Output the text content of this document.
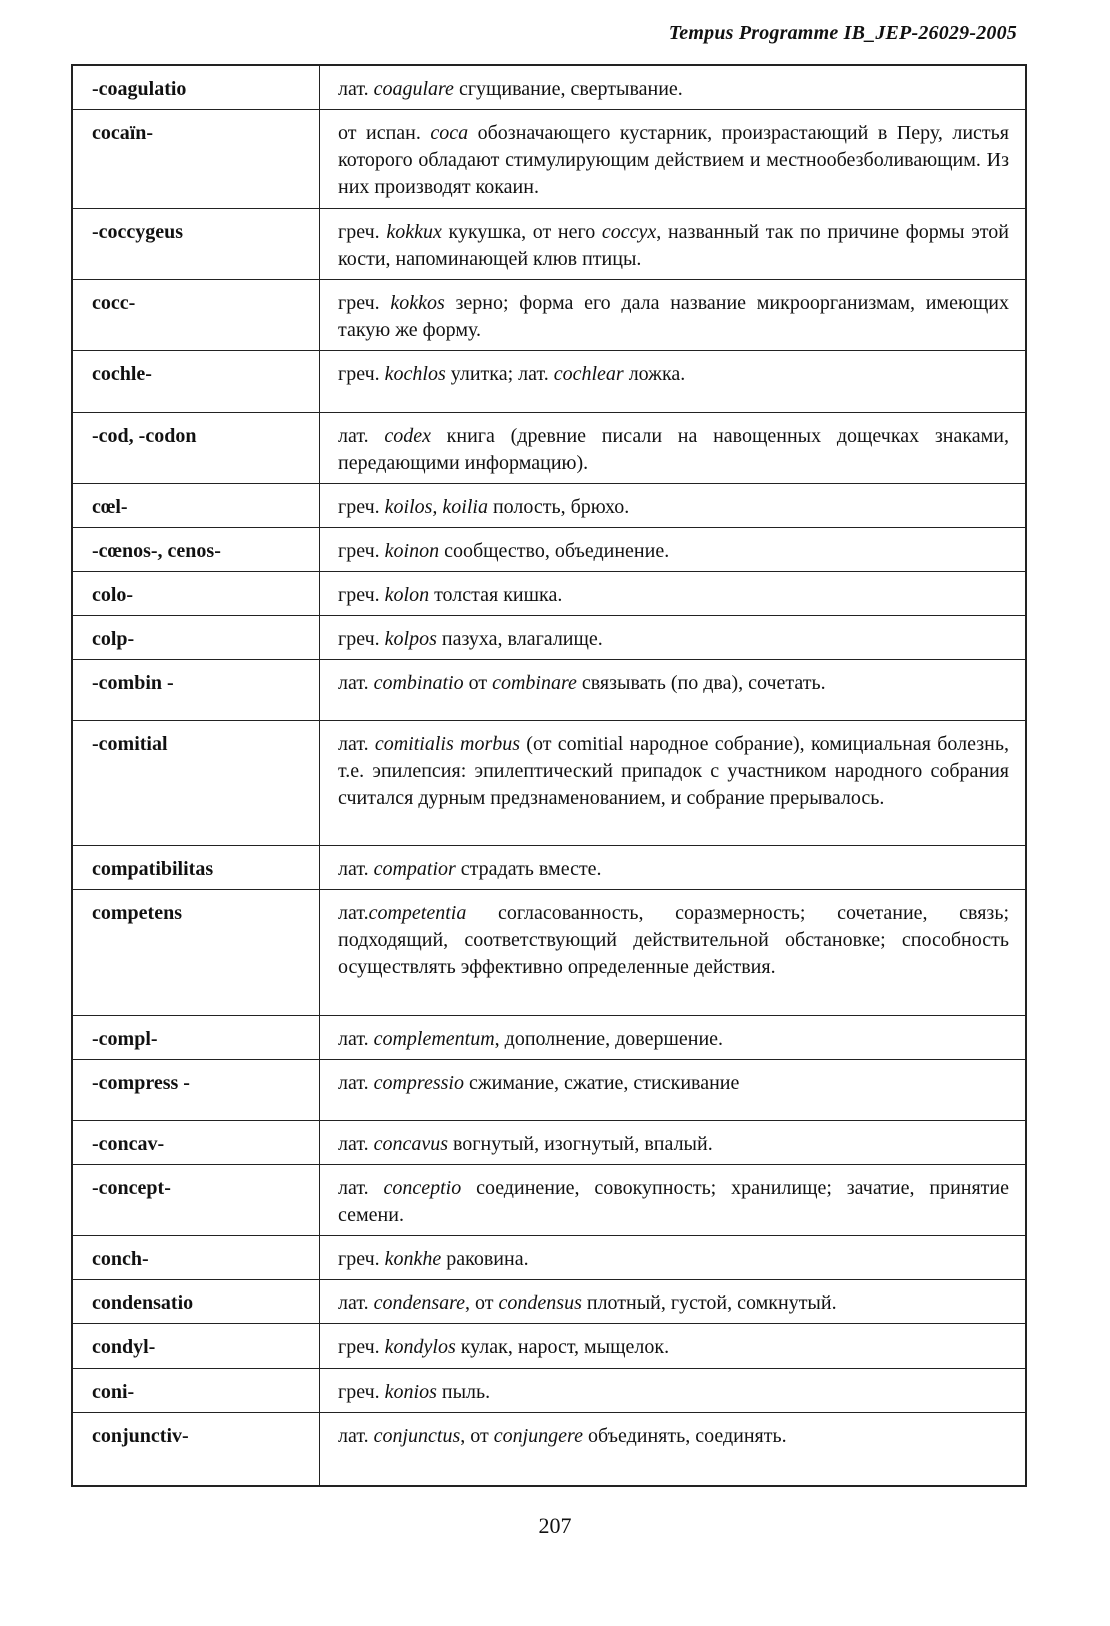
Tempus Programme IB_JEP-26029-2005
-coagulatio	лат. coagulare сгущивание, свертывание.
cocaïn-	от испан. coca обозначающего кустарник, произрастающий в Перу, листья которого обладают стимулирующим действием и местнообезболивающим. Из них производят кокаин.
-coccygeus	греч. kokkux кукушка, от него coccyx, названный так по причине формы этой кости, напоминающей клюв птицы.
cocc-	греч. kokkos зерно; форма его дала название микроорганизмам, имеющих такую же форму.
cochle-	греч. kochlos улитка; лат. cochlear ложка.
-cod, -codon	лат. codex книга (древние писали на навощенных дощечках знаками, передающими информацию).
cœl-	греч. koilos, koilia полость, брюхо.
-cœnos-, cenos-	греч. koinon сообщество, объединение.
colo-	греч. kolon толстая кишка.
colp-	греч. kolpos пазуха, влагалище.
-combin -	лат. combinatio от combinare связывать (по два), сочетать.
-comitial	лат. comitialis morbus (от comitial народное собрание), комициальная болезнь, т.е. эпилепсия: эпилептический припадок с участником народного собрания считался дурным предзнаменованием, и собрание прерывалось.
compatibilitas	лат. compatior страдать вместе.
competens	лат.competentia согласованность, соразмерность; сочетание, связь; подходящий, соответствующий действительной обстановке; способность осуществлять эффективно определенные действия.
-compl-	лат. complementum, дополнение, довершение.
-compress -	лат. compressio сжимание, сжатие, стискивание
-concav-	лат. concavus вогнутый, изогнутый, впалый.
-concept-	лат. conceptio соединение, совокупность; хранилище; зачатие, принятие семени.
conch-	греч. konkhe раковина.
condensatio	лат. condensare, от condensus плотный, густой, сомкнутый.
condyl-	греч. kondylos кулак, нарост, мыщелок.
coni-	греч. konios пыль.
conjunctiv-	лат. conjunctus, от conjungere объединять, соединять.
207
